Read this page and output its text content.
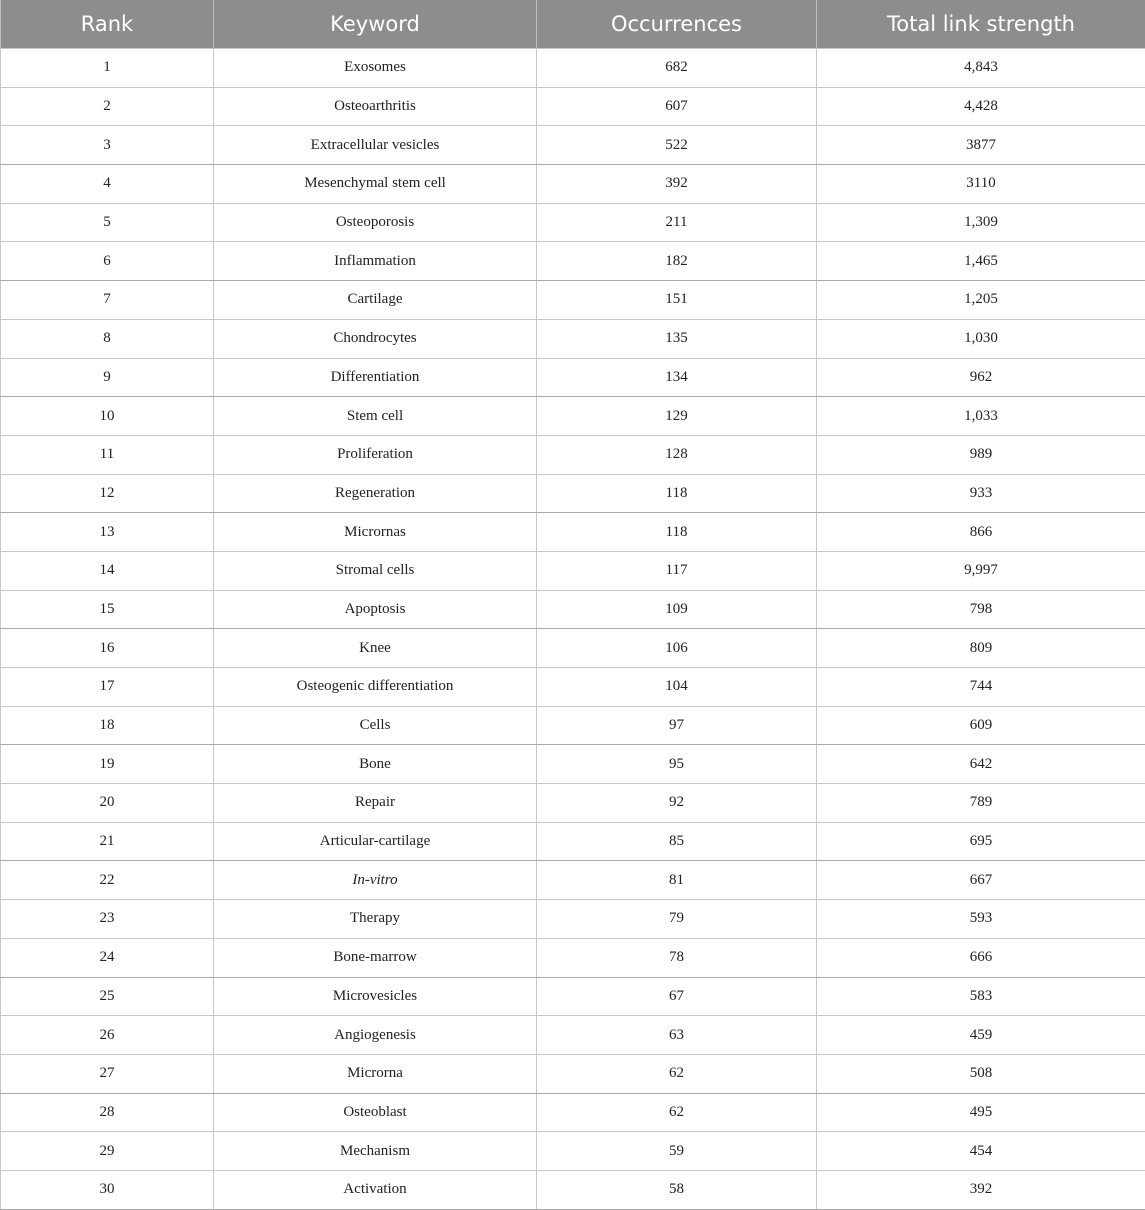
Rank	Keyword	Occurrences	Total link strength
1	Exosomes	682	4,843
2	Osteoarthritis	607	4,428
3	Extracellular vesicles	522	3877
4	Mesenchymal stem cell	392	3110
5	Osteoporosis	211	1,309
6	Inflammation	182	1,465
7	Cartilage	151	1,205
8	Chondrocytes	135	1,030
9	Differentiation	134	962
10	Stem cell	129	1,033
11	Proliferation	128	989
12	Regeneration	118	933
13	Micrornas	118	866
14	Stromal cells	117	9,997
15	Apoptosis	109	798
16	Knee	106	809
17	Osteogenic differentiation	104	744
18	Cells	97	609
19	Bone	95	642
20	Repair	92	789
21	Articular-cartilage	85	695
22	In-vitro	81	667
23	Therapy	79	593
24	Bone-marrow	78	666
25	Microvesicles	67	583
26	Angiogenesis	63	459
27	Microrna	62	508
28	Osteoblast	62	495
29	Mechanism	59	454
30	Activation	58	392
